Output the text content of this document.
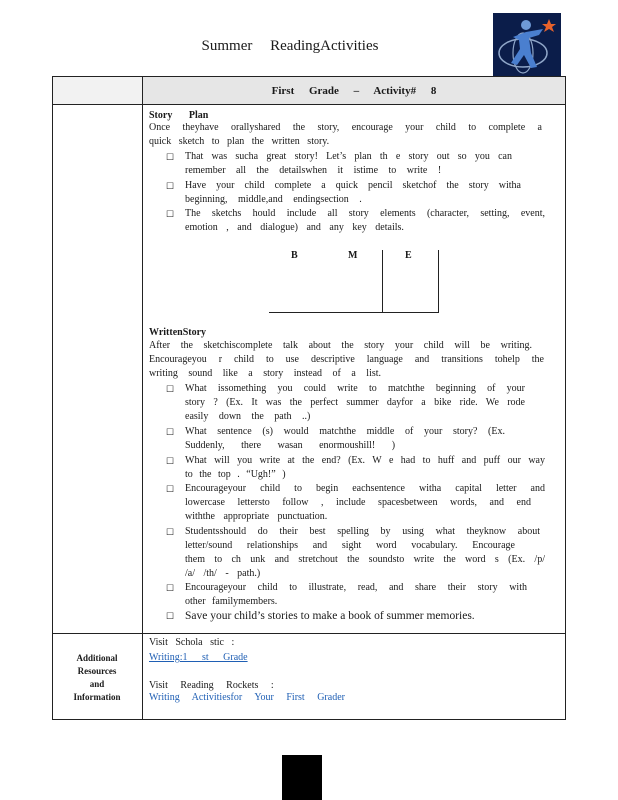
Summer ReadingActivities
First Grade – Activity# 8
Story Plan
Once theyhave orallyshared the story, encourage your child to complete a
quick sketch to plan the written story.
☐ That was sucha great story! Let’s plan th e story out so you can
remember all the detailswhen it istime to write !
☐ Have your child complete a quick pencil sketchof the story witha
beginning, middle,and endingsection .
☐ The sketchs hould include all story elements (character, setting, event,
emotion , and dialogue) and any key details.
B	M	E
WrittenStory
After the sketchiscomplete talk about the story your child will be writing.
Encourageyou r child to use descriptive language and transitions tohelp the
writing sound like a story instead of a list.
☐ What issomething you could write to matchthe beginning of your
story ? (Ex. It was the perfect summer dayfor a bike ride. We rode
easily down the path ..)
☐ What sentence (s) would matchthe middle of your story? (Ex.
Suddenly, there wasan enormoushill! )
☐ What will you write at the end? (Ex. W e had to huff and puff our way
to the top . “Ugh!” )
☐ Encourageyour child to begin eachsentence witha capital letter and
lowercase lettersto follow , include spacesbetween words, and end
withthe appropriate punctuation.
☐ Studentsshould do their best spelling by using what theyknow about
letter/sound relationships and sight word vocabulary. Encourage
them to ch unk and stretchout the soundsto write the word s (Ex. /p/
/a/ /th/ - path.)
☐ Encourageyour child to illustrate, read, and share their story with
other familymembers.
☐ Save your child’s stories to make a book of summer memories.
Additional
Resources
and
Information
Visit Schola stic :
Writing:1 st Grade
Visit Reading Rockets :
Writing Activitiesfor Your First Grader
